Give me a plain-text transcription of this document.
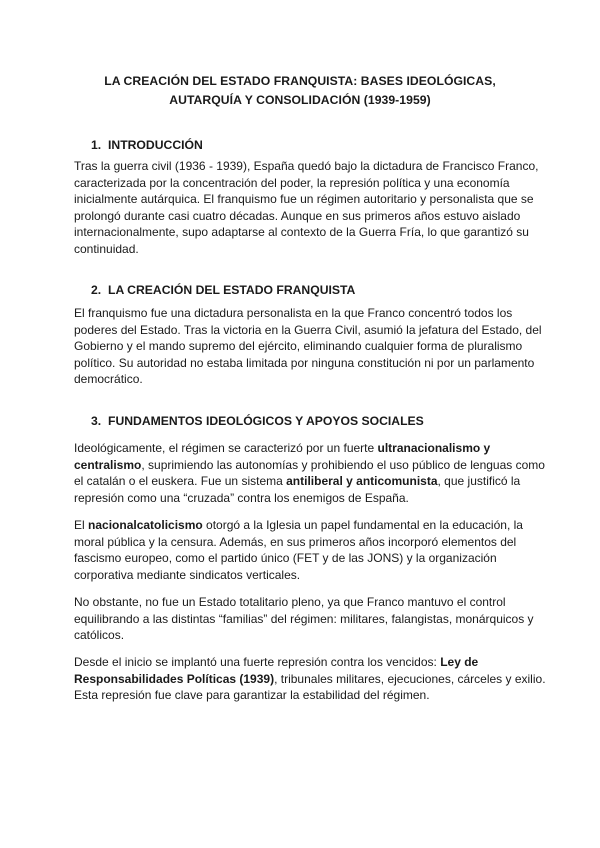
LA CREACIÓN DEL ESTADO FRANQUISTA: BASES IDEOLÓGICAS,
AUTARQUÍA Y CONSOLIDACIÓN (1939-1959)
1. INTRODUCCIÓN

Tras la guerra civil (1936 - 1939), España quedó bajo la dictadura de Francisco Franco,
caracterizada por la concentración del poder, la represión política y una economía
inicialmente autárquica. El franquismo fue un régimen autoritario y personalista que se
prolongó durante casi cuatro décadas. Aunque en sus primeros años estuvo aislado
internacionalmente, supo adaptarse al contexto de la Guerra Fría, lo que garantizó su
continuidad.

2. LA CREACIÓN DEL ESTADO FRANQUISTA

El franquismo fue una dictadura personalista en la que Franco concentró todos los
poderes del Estado. Tras la victoria en la Guerra Civil, asumió la jefatura del Estado, del
Gobierno y el mando supremo del ejército, eliminando cualquier forma de pluralismo
político. Su autoridad no estaba limitada por ninguna constitución ni por un parlamento
democrático.

3. FUNDAMENTOS IDEOLÓGICOS Y APOYOS SOCIALES

Ideológicamente, el régimen se caracterizó por un fuerte ultranacionalismo y
centralismo, suprimiendo las autonomías y prohibiendo el uso público de lenguas como
el catalán o el euskera. Fue un sistema antiliberal y anticomunista, que justificó la
represión como una “cruzada” contra los enemigos de España.

El nacionalcatolicismo otorgó a la Iglesia un papel fundamental en la educación, la
moral pública y la censura. Además, en sus primeros años incorporó elementos del
fascismo europeo, como el partido único (FET y de las JONS) y la organización
corporativa mediante sindicatos verticales.

No obstante, no fue un Estado totalitario pleno, ya que Franco mantuvo el control
equilibrando a las distintas “familias” del régimen: militares, falangistas, monárquicos y
católicos.

Desde el inicio se implantó una fuerte represión contra los vencidos: Ley de
Responsabilidades Políticas (1939), tribunales militares, ejecuciones, cárceles y exilio.
Esta represión fue clave para garantizar la estabilidad del régimen.
